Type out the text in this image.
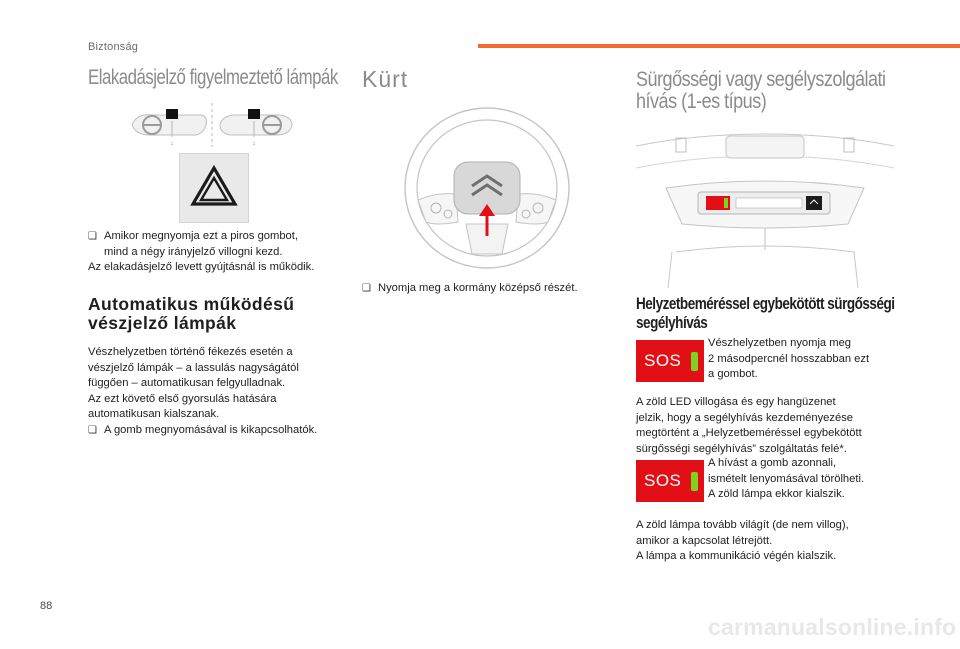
Biztonság
Elakadásjelző figyelmeztető lámpák
↓	↓
❏ Amikor megnyomja ezt a piros gombot,
mind a négy irányjelző villogni kezd.
Az elakadásjelző levett gyújtásnál is működik.
Automatikus működésű
vészjelző lámpák
Vészhelyzetben történő fékezés esetén a
vészjelző lámpák – a lassulás nagyságától
függően – automatikusan felgyulladnak.
Az ezt követő első gyorsulás hatására
automatikusan kialszanak.
❏ A gomb megnyomásával is kikapcsolhatók.
Kürt
❏ Nyomja meg a kormány középső részét.
Sürgősségi vagy segélyszolgálati
hívás (1-es típus)
Helyzetbeméréssel egybekötött sürgősségi
segélyhívás
SOS
Vészhelyzetben nyomja meg
2 másodpercnél hosszabban ezt
a gombot.
A zöld LED villogása és egy hangüzenet
jelzik, hogy a segélyhívás kezdeményezése
megtörtént a „Helyzetbeméréssel egybekötött
sürgősségi segélyhívás” szolgáltatás felé*.
SOS
A hívást a gomb azonnali,
ismételt lenyomásával törölheti.
A zöld lámpa ekkor kialszik.
A zöld lámpa tovább világít (de nem villog),
amikor a kapcsolat létrejött.
A lámpa a kommunikáció végén kialszik.
88
carmanualsonline.info
